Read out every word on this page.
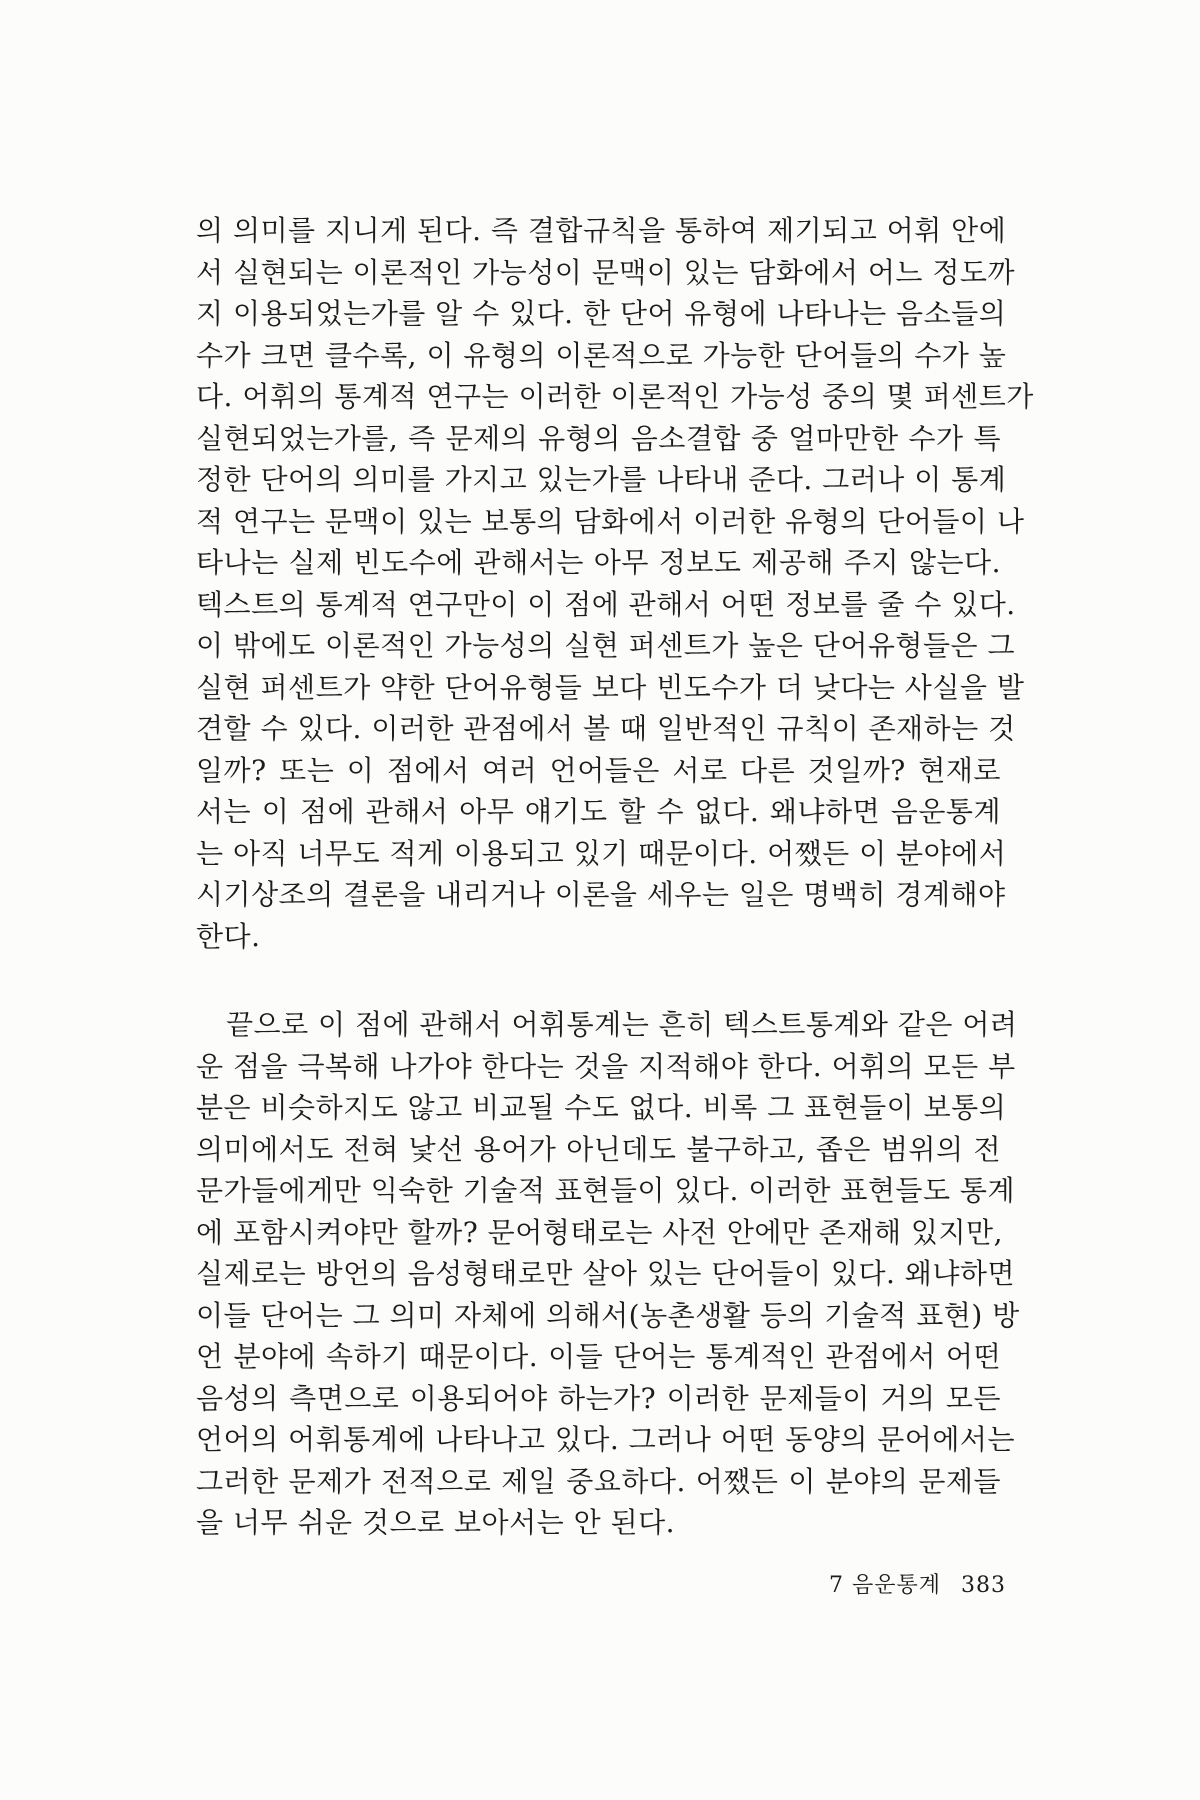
의 의미를 지니게 된다. 즉 결합규칙을 통하여 제기되고 어휘 안에
서 실현되는 이론적인 가능성이 문맥이 있는 담화에서 어느 정도까
지 이용되었는가를 알 수 있다. 한 단어 유형에 나타나는 음소들의
수가 크면 클수록, 이 유형의 이론적으로 가능한 단어들의 수가 높
다. 어휘의 통계적 연구는 이러한 이론적인 가능성 중의 몇 퍼센트가
실현되었는가를, 즉 문제의 유형의 음소결합 중 얼마만한 수가 특
정한 단어의 의미를 가지고 있는가를 나타내 준다. 그러나 이 통계
적 연구는 문맥이 있는 보통의 담화에서 이러한 유형의 단어들이 나
타나는 실제 빈도수에 관해서는 아무 정보도 제공해 주지 않는다.
텍스트의 통계적 연구만이 이 점에 관해서 어떤 정보를 줄 수 있다.
이 밖에도 이론적인 가능성의 실현 퍼센트가 높은 단어유형들은 그
실현 퍼센트가 약한 단어유형들 보다 빈도수가 더 낮다는 사실을 발
견할 수 있다. 이러한 관점에서 볼 때 일반적인 규칙이 존재하는 것
일까? 또는 이 점에서 여러 언어들은 서로 다른 것일까? 현재로
서는 이 점에 관해서 아무 얘기도 할 수 없다. 왜냐하면 음운통계
는 아직 너무도 적게 이용되고 있기 때문이다. 어쨌든 이 분야에서
시기상조의 결론을 내리거나 이론을 세우는 일은 명백히 경계해야
한다.
끝으로 이 점에 관해서 어휘통계는 흔히 텍스트통계와 같은 어려
운 점을 극복해 나가야 한다는 것을 지적해야 한다. 어휘의 모든 부
분은 비슷하지도 않고 비교될 수도 없다. 비록 그 표현들이 보통의
의미에서도 전혀 낯선 용어가 아닌데도 불구하고, 좁은 범위의 전
문가들에게만 익숙한 기술적 표현들이 있다. 이러한 표현들도 통계
에 포함시켜야만 할까? 문어형태로는 사전 안에만 존재해 있지만,
실제로는 방언의 음성형태로만 살아 있는 단어들이 있다. 왜냐하면
이들 단어는 그 의미 자체에 의해서(농촌생활 등의 기술적 표현) 방
언 분야에 속하기 때문이다. 이들 단어는 통계적인 관점에서 어떤
음성의 측면으로 이용되어야 하는가? 이러한 문제들이 거의 모든
언어의 어휘통계에 나타나고 있다. 그러나 어떤 동양의 문어에서는
그러한 문제가 전적으로 제일 중요하다. 어쨌든 이 분야의 문제들
을 너무 쉬운 것으로 보아서는 안 된다.
7 음운통계 383
